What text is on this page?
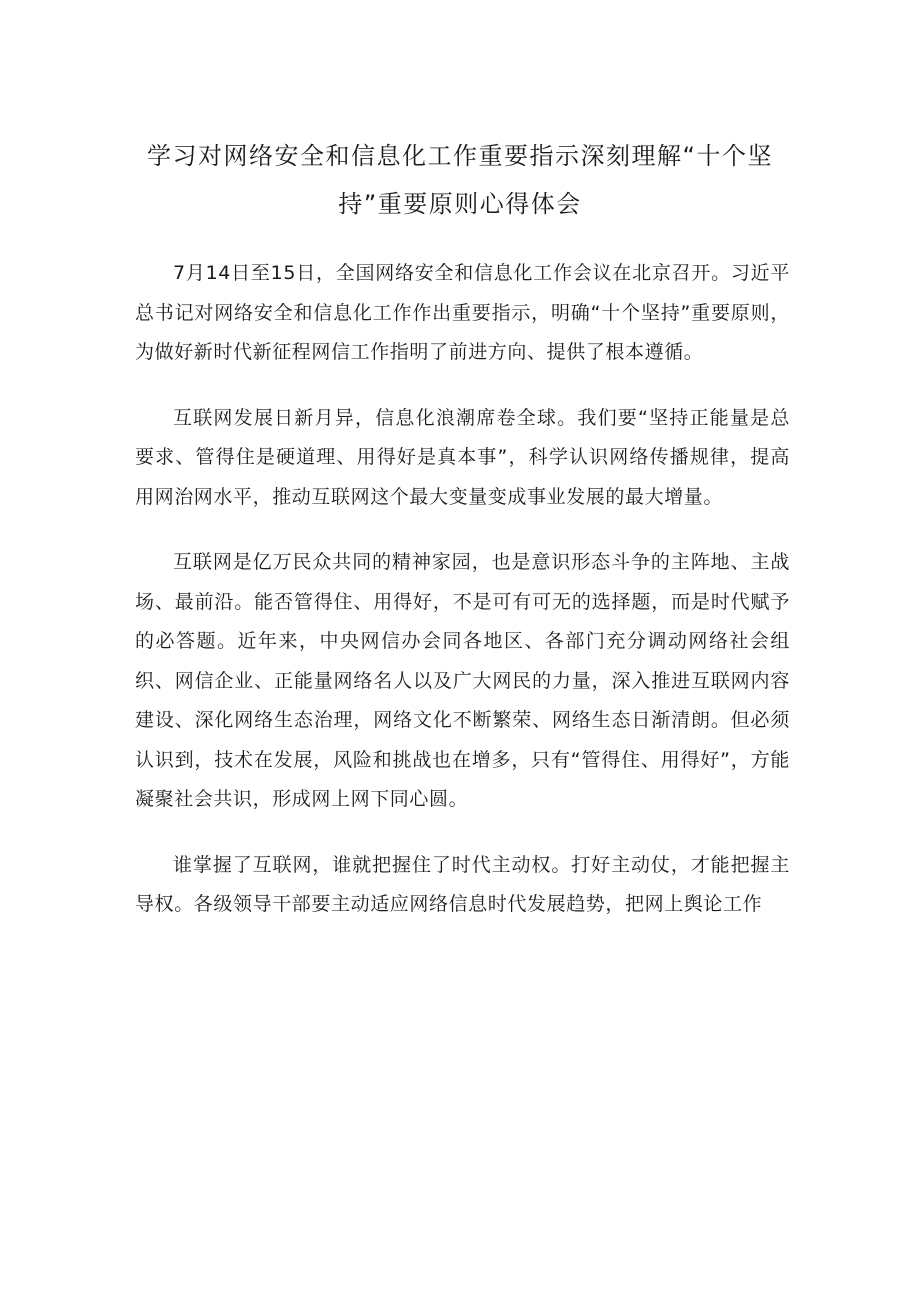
学习对网络安全和信息化工作重要指示深刻理解“十个坚
持”重要原则心得体会

7月14日至15日，全国网络安全和信息化工作会议在北京召开。习近平总书记对网络安全和信息化工作作出重要指示，明确“十个坚持”重要原则，为做好新时代新征程网信工作指明了前进方向、提供了根本遵循。

互联网发展日新月异，信息化浪潮席卷全球。我们要“坚持正能量是总要求、管得住是硬道理、用得好是真本事”，科学认识网络传播规律，提高用网治网水平，推动互联网这个最大变量变成事业发展的最大增量。

互联网是亿万民众共同的精神家园，也是意识形态斗争的主阵地、主战场、最前沿。能否管得住、用得好，不是可有可无的选择题，而是时代赋予的必答题。近年来，中央网信办会同各地区、各部门充分调动网络社会组织、网信企业、正能量网络名人以及广大网民的力量，深入推进互联网内容建设、深化网络生态治理，网络文化不断繁荣、网络生态日渐清朗。但必须认识到，技术在发展，风险和挑战也在增多，只有“管得住、用得好”，方能凝聚社会共识，形成网上网下同心圆。

谁掌握了互联网，谁就把握住了时代主动权。打好主动仗，才能把握主导权。各级领导干部要主动适应网络信息时代发展趋势，把网上舆论工作
